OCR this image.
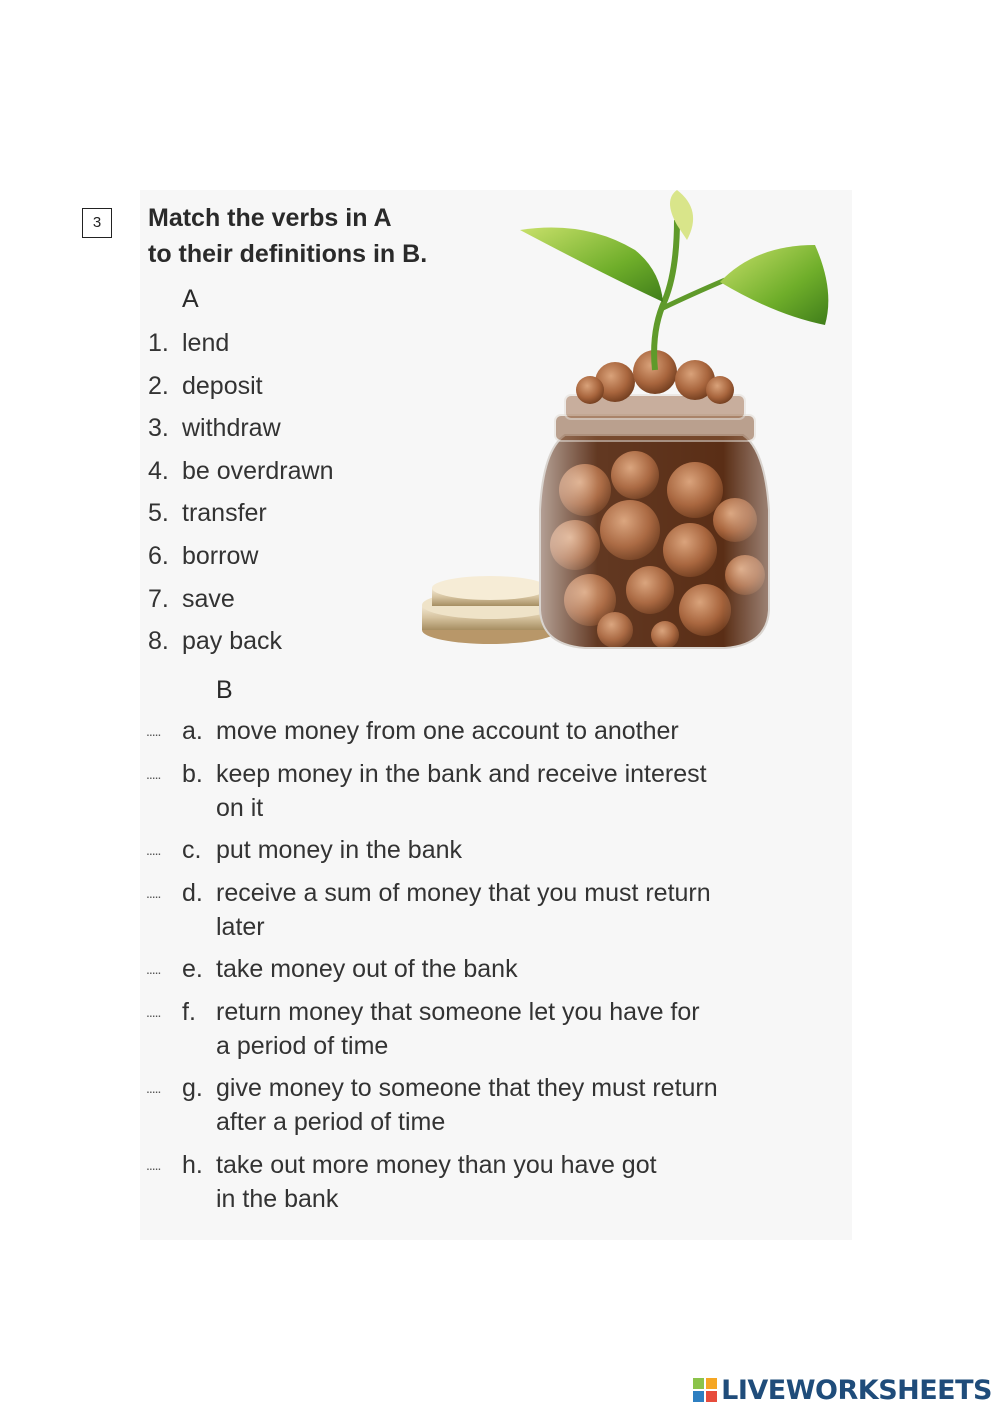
3	Match the verbs in A
to their definitions in B.
A
1. lend
2. deposit
3. withdraw
4. be overdrawn
5. transfer
6. borrow
7. save
8. pay back
B
..... a. move money from one account to another
..... b. keep money in the bank and receive interest
on it
..... c. put money in the bank
..... d. receive a sum of money that you must return
later
..... e. take money out of the bank
..... f. return money that someone let you have for
a period of time
..... g. give money to someone that they must return
after a period of time
..... h. take out more money than you have got
in the bank
LIVEWORKSHEETS
